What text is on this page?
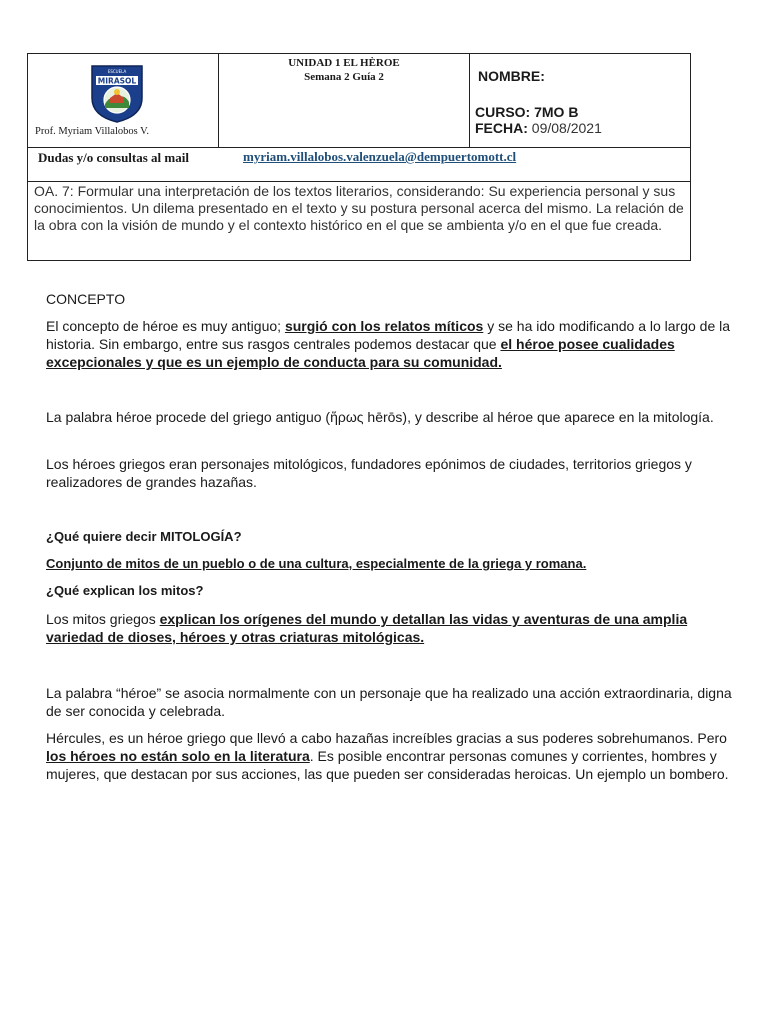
MIRASOL
ESCUELA
Prof. Myriam Villalobos V.
UNIDAD 1 EL HÈROE
Semana 2 Guía 2	NOMBRE:
CURSO: 7MO B
FECHA: 09/08/2021
Dudas y/o consultas al mail	myriam.villalobos.valenzuela@dempuertomott.cl
OA. 7: Formular una interpretación de los textos literarios, considerando: Su experiencia personal y sus conocimientos. Un dilema presentado en el texto y su postura personal acerca del mismo. La relación de la obra con la visión de mundo y el contexto histórico en el que se ambienta y/o en el que fue creada.
CONCEPTO
El concepto de héroe es muy antiguo; surgió con los relatos míticos y se ha ido modificando a lo largo de la historia. Sin embargo, entre sus rasgos centrales podemos destacar que el héroe posee cualidades excepcionales y que es un ejemplo de conducta para su comunidad.
La palabra héroe procede del griego antiguo (ἥρως hērōs), y describe al héroe que aparece en la mitología.
Los héroes griegos eran personajes mitológicos, fundadores epónimos de ciudades, territorios griegos y realizadores de grandes hazañas.
¿Qué quiere decir MITOLOGÍA?
Conjunto de mitos de un pueblo o de una cultura, especialmente de la griega y romana.
¿Qué explican los mitos?
Los mitos griegos explican los orígenes del mundo y detallan las vidas y aventuras de una amplia variedad de dioses, héroes y otras criaturas mitológicas.
La palabra “héroe” se asocia normalmente con un personaje que ha realizado una acción extraordinaria, digna de ser conocida y celebrada.
Hércules, es un héroe griego que llevó a cabo hazañas increíbles gracias a sus poderes sobrehumanos. Pero los héroes no están solo en la literatura. Es posible encontrar personas comunes y corrientes, hombres y mujeres, que destacan por sus acciones, las que pueden ser consideradas heroicas. Un ejemplo un bombero.
